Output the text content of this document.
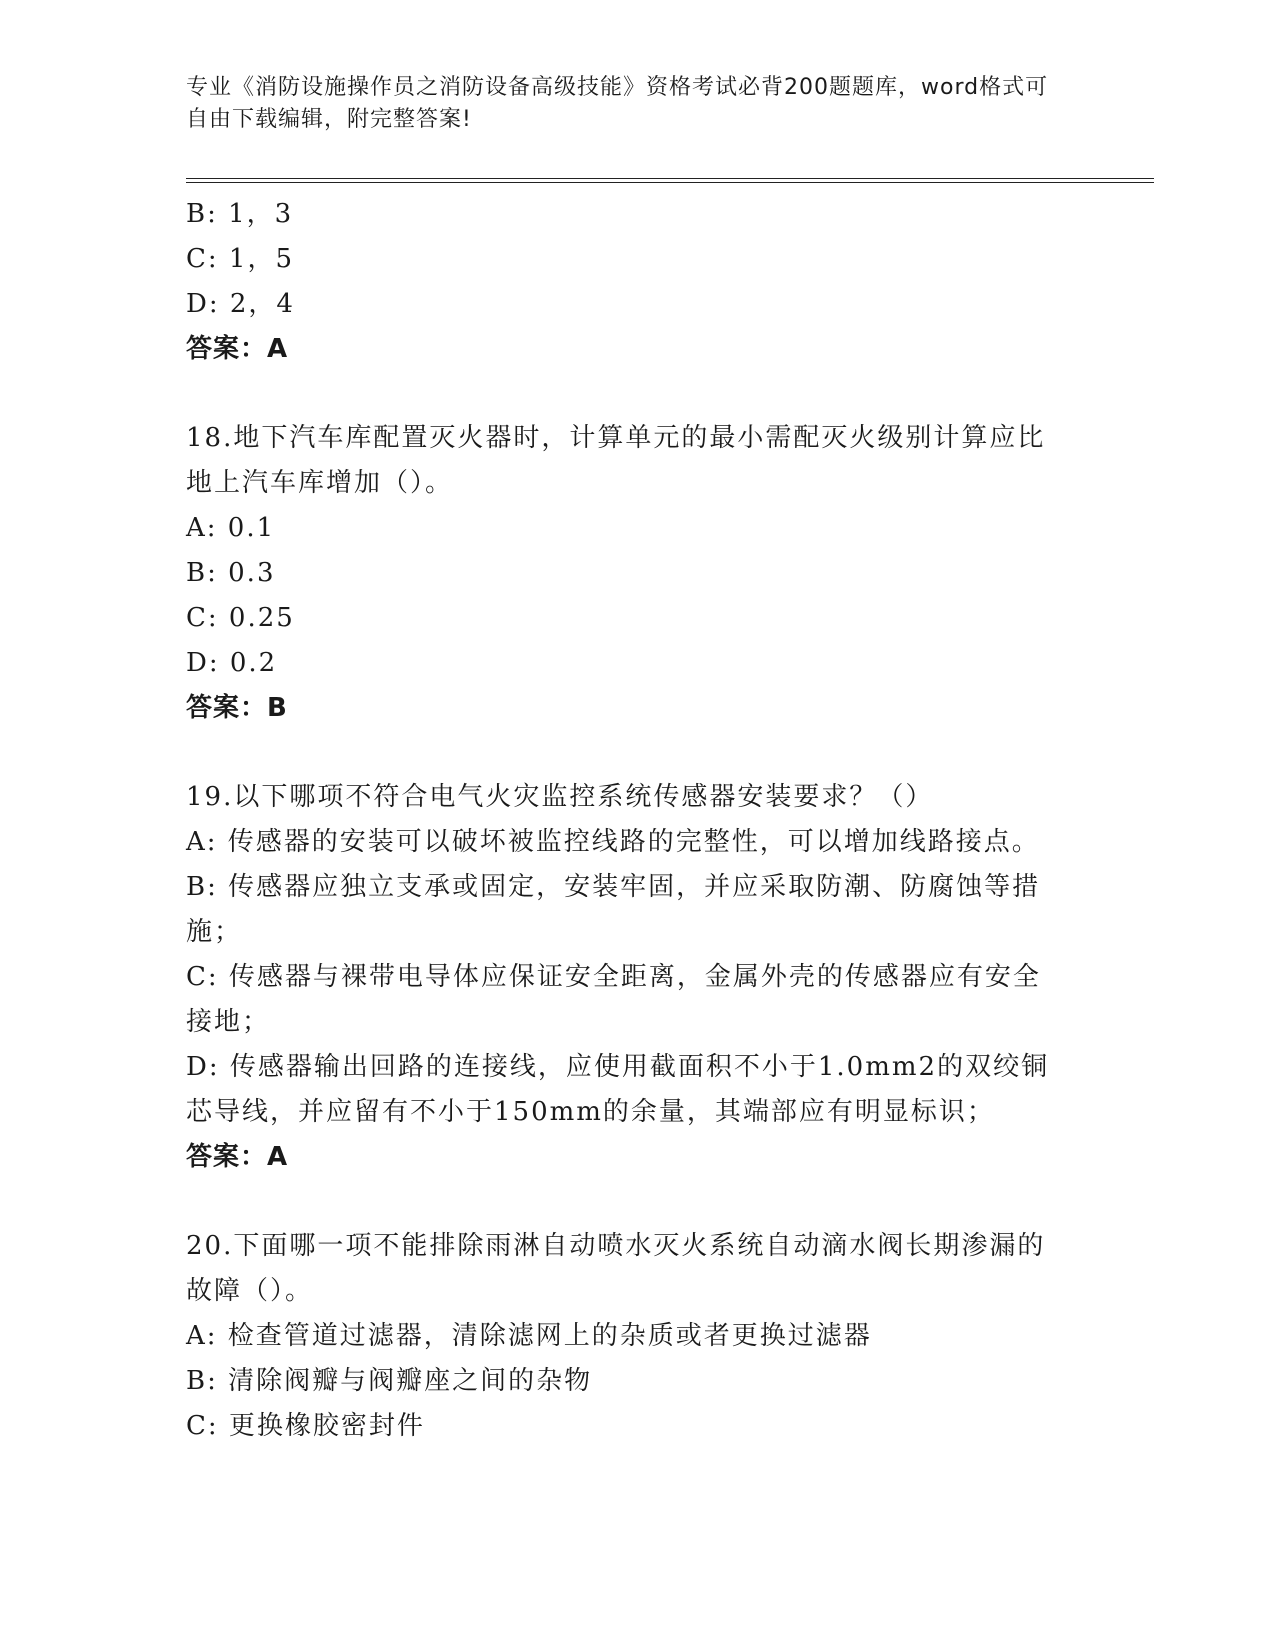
专业《消防设施操作员之消防设备高级技能》资格考试必背200题题库，word格式可自由下载编辑，附完整答案!
B: 1，3
C: 1，5
D: 2，4
答案：A
18.地下汽车库配置灭火器时，计算单元的最小需配灭火级别计算应比
地上汽车库增加（）。
A: 0.1
B: 0.3
C: 0.25
D: 0.2
答案：B
19.以下哪项不符合电气火灾监控系统传感器安装要求？（）
A: 传感器的安装可以破坏被监控线路的完整性，可以增加线路接点。
B: 传感器应独立支承或固定，安装牢固，并应采取防潮、防腐蚀等措
施；
C: 传感器与裸带电导体应保证安全距离，金属外壳的传感器应有安全
接地；
D: 传感器输出回路的连接线，应使用截面积不小于1.0mm2的双绞铜
芯导线，并应留有不小于150mm的余量，其端部应有明显标识；
答案：A
20.下面哪一项不能排除雨淋自动喷水灭火系统自动滴水阀长期渗漏的
故障（）。
A: 检查管道过滤器，清除滤网上的杂质或者更换过滤器
B: 清除阀瓣与阀瓣座之间的杂物
C: 更换橡胶密封件
